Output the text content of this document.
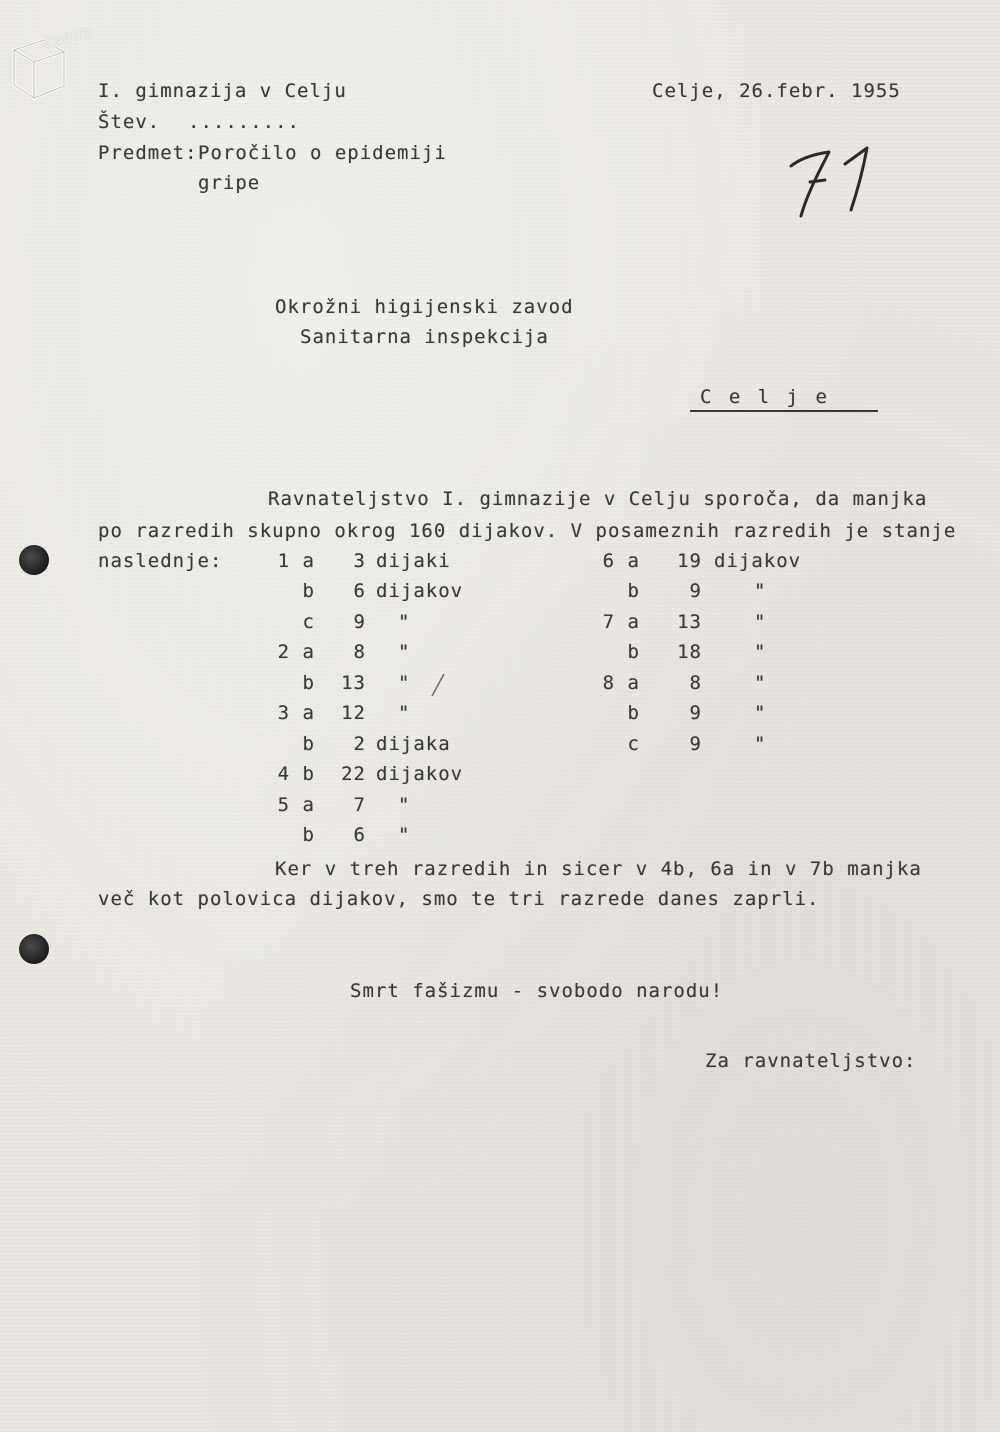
kamra
I. gimnazija v Celju	Celje, 26.febr. 1955
Štev. .........
Predmet: Poročilo o epidemiji
gripe
Okrožni higijenski zavod
Sanitarna inspekcija
C e l j e
Ravnateljstvo I. gimnazije v Celju sporoča, da manjka
po razredih skupno okrog 160 dijakov. V posameznih razredih je stanje
naslednje:	1 a	3 dijaki
b	6 dijakov
c	9 "
2 a	8 "
b	13 "
3 a	12 "
b	2 dijaka
4 b	22 dijakov
5 a	7 "
b	6 "
6 a	19 dijakov
b	9	"
7 a	13	"
b	18	"
8 a	8	"
b	9	"
c	9	"
Ker v treh razredih in sicer v 4b, 6a in v 7b manjka
več kot polovica dijakov, smo te tri razrede danes zaprli.
Smrt fašizmu - svobodo narodu!
Za ravnateljstvo:
